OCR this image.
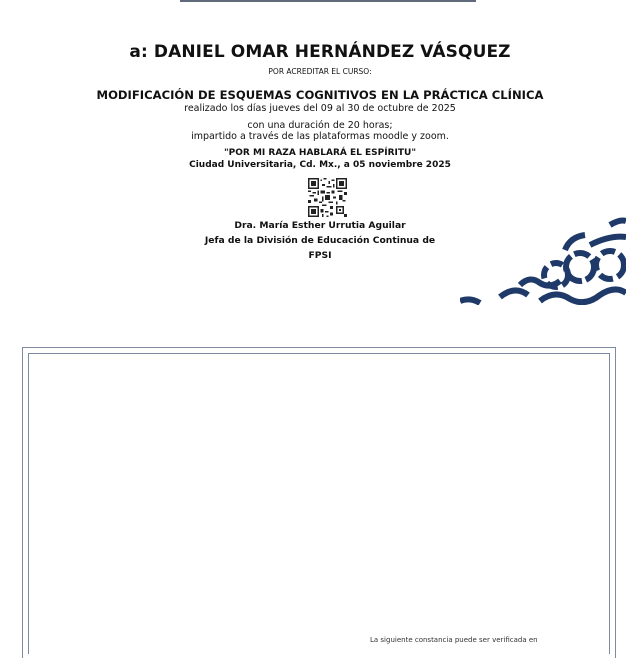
a: DANIEL OMAR HERNÁNDEZ VÁSQUEZ
POR ACREDITAR EL CURSO:
MODIFICACIÓN DE ESQUEMAS COGNITIVOS EN LA PRÁCTICA CLÍNICA
realizado los días jueves del 09 al 30 de octubre de 2025
con una duración de 20 horas;
impartido a través de las plataformas moodle y zoom.
"POR MI RAZA HABLARÁ EL ESPÍRITU"
Ciudad Universitaria, Cd. Mx., a 05 noviembre 2025
Dra. María Esther Urrutia Aguilar
Jefa de la División de Educación Continua de
FPSI
La siguiente constancia puede ser verificada en
